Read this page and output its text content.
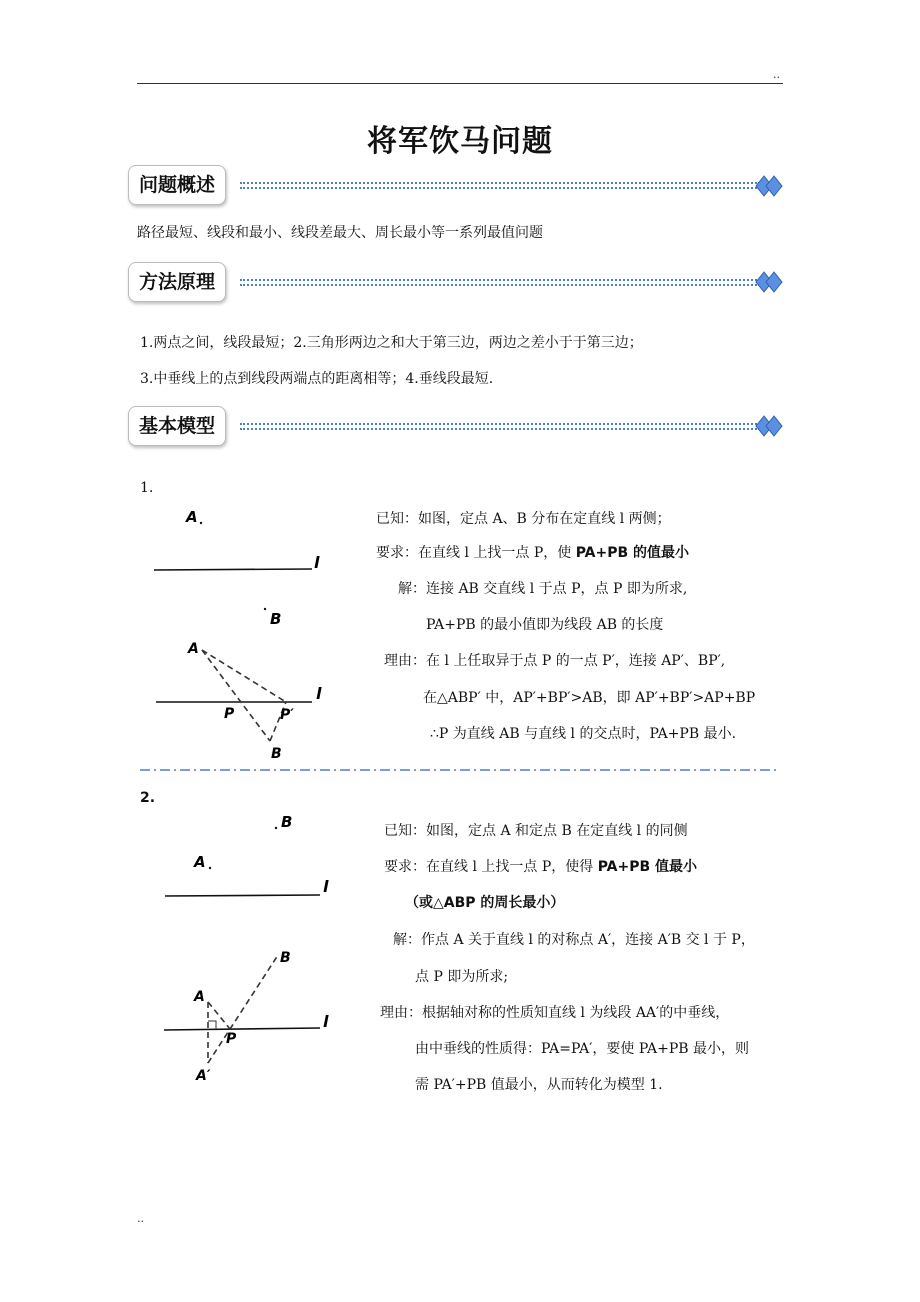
..
将军饮马问题
问题概述
路径最短、线段和最小、线段差最大、周长最小等一系列最值问题
方法原理
1.两点之间，线段最短；2.三角形两边之和大于第三边，两边之差小于于第三边；
3.中垂线上的点到线段两端点的距离相等；4.垂线段最短.
基本模型
1.
A
l
B
A
l
P	P′
B
已知：如图，定点 A、B 分布在定直线 l 两侧；
要求：在直线 l 上找一点 P，使 PA+PB 的值最小
解：连接 AB 交直线 l 于点 P，点 P 即为所求,
PA+PB 的最小值即为线段 AB 的长度
理由：在 l 上任取异于点 P 的一点 P′，连接 AP′、BP′,
在△ABP′ 中，AP′+BP′>AB，即 AP′+BP′>AP+BP
∴P 为直线 AB 与直线 l 的交点时，PA+PB 最小.
2.
B
A
l
B
A
l
P
A′
已知：如图，定点 A 和定点 B 在定直线 l 的同侧
要求：在直线 l 上找一点 P，使得 PA+PB 值最小
（或△ABP 的周长最小）
解：作点 A 关于直线 l 的对称点 A′，连接 A′B 交 l 于 P，
点 P 即为所求;
理由：根据轴对称的性质知直线 l 为线段 AA′的中垂线，
由中垂线的性质得：PA=PA′，要使 PA+PB 最小，则
需 PA′+PB 值最小，从而转化为模型 1.
..
